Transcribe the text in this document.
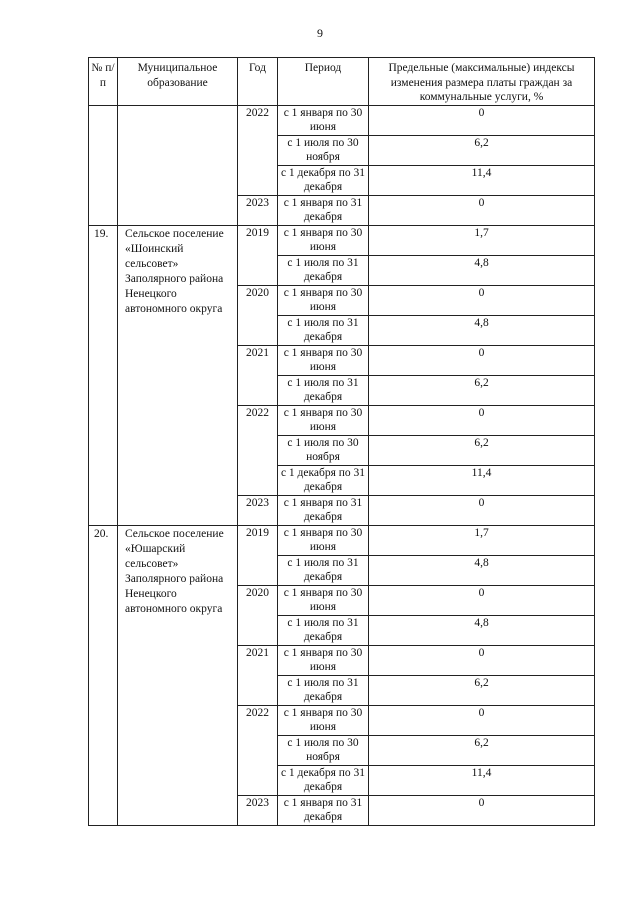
9
№ п/п	Муниципальное образование	Год	Период	Предельные (максимальные) индексы изменения размера платы граждан за коммунальные услуги, %
		2022	с 1 января по 30 июня	0
			с 1 июля по 30 ноября	6,2
			с 1 декабря по 31 декабря	11,4
		2023	с 1 января по 31 декабря	0
19.	Сельское поселение «Шоинский сельсовет» Заполярного района Ненецкого автономного округа	2019	с 1 января по 30 июня	1,7
			с 1 июля по 31 декабря	4,8
		2020	с 1 января по 30 июня	0
			с 1 июля по 31 декабря	4,8
		2021	с 1 января по 30 июня	0
			с 1 июля по 31 декабря	6,2
		2022	с 1 января по 30 июня	0
			с 1 июля по 30 ноября	6,2
			с 1 декабря по 31 декабря	11,4
		2023	с 1 января по 31 декабря	0
20.	Сельское поселение «Юшарский сельсовет» Заполярного района Ненецкого автономного округа	2019	с 1 января по 30 июня	1,7
			с 1 июля по 31 декабря	4,8
		2020	с 1 января по 30 июня	0
			с 1 июля по 31 декабря	4,8
		2021	с 1 января по 30 июня	0
			с 1 июля по 31 декабря	6,2
		2022	с 1 января по 30 июня	0
			с 1 июля по 30 ноября	6,2
			с 1 декабря по 31 декабря	11,4
		2023	с 1 января по 31 декабря	0
